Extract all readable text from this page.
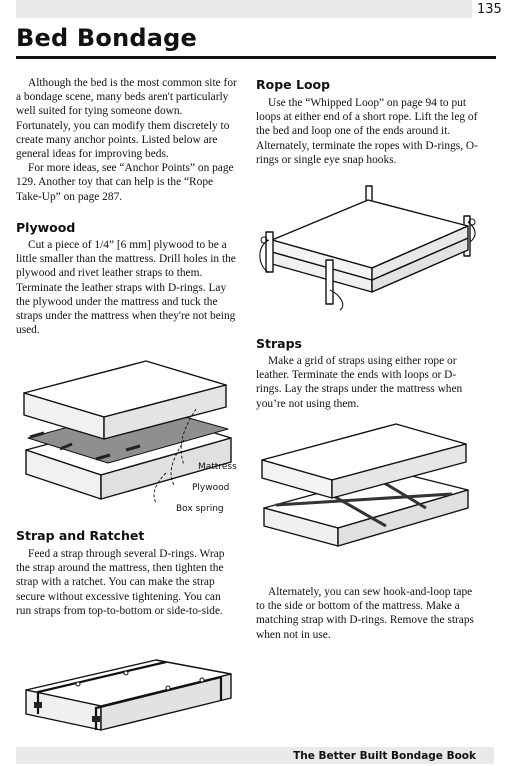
135
Bed Bondage

Although the bed is the most common site for a bondage scene, many beds aren't particularly well suited for tying someone down. Fortunately, you can modify them discretely to create many anchor points. Listed below are general ideas for improving beds.

For more ideas, see “Anchor Points” on page 129. Another toy that can help is the “Rope Take-Up” on page 287.

Plywood

Cut a piece of 1/4” [6 mm] plywood to be a little smaller than the mattress. Drill holes in the plywood and rivet leather straps to them. Terminate the leather straps with D-rings. Lay the plywood under the mattress and tuck the straps under the mattress when they're not being used.

Mattress
Plywood
Box spring
Strap and Ratchet

Feed a strap through several D-rings. Wrap the strap around the mattress, then tighten the strap with a ratchet. You can make the strap secure without excessive tightening. You can run straps from top-to-bottom or side-to-side.

Rope Loop

Use the “Whipped Loop” on page 94 to put loops at either end of a short rope. Lift the leg of the bed and loop one of the ends around it. Alternately, terminate the ropes with D-rings, O-rings or single eye snap hooks.

Straps

Make a grid of straps using either rope or leather. Terminate the ends with loops or D-rings. Lay the straps under the mattress when you’re not using them.

Alternately, you can sew hook-and-loop tape to the side or bottom of the mattress. Make a matching strap with D-rings. Remove the straps when not in use.

The Better Built Bondage Book
